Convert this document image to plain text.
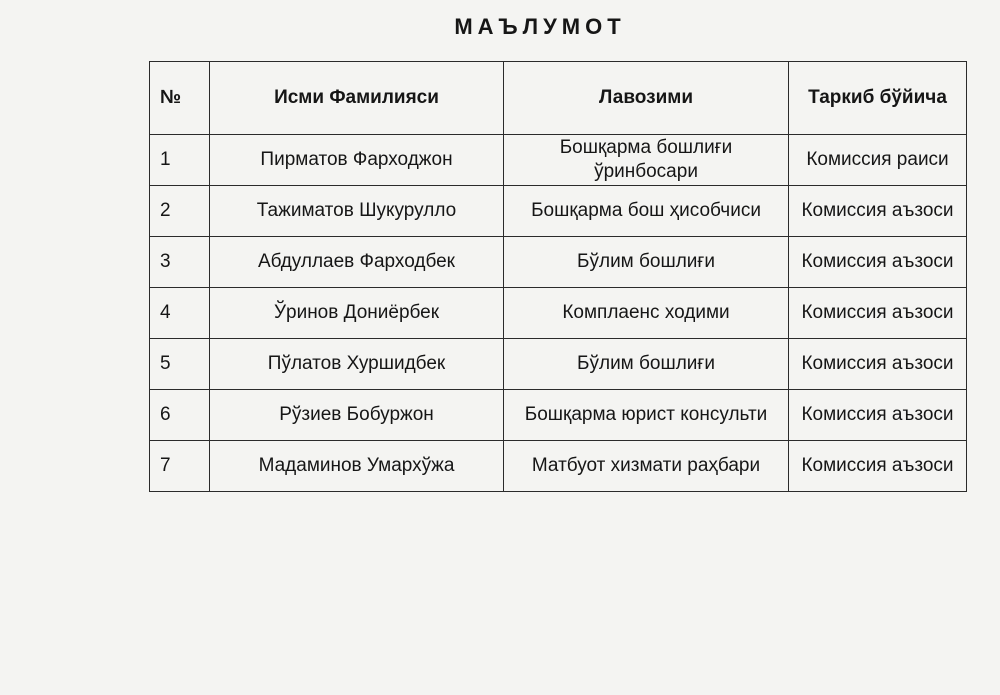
МАЪЛУМОТ
№	Исми Фамилияси	Лавозими	Таркиб бўйича
1	Пирматов Фарходжон	Бошқарма бошлиғи ўринбосари	Комиссия раиси
2	Тажиматов Шукурулло	Бошқарма бош ҳисобчиси	Комиссия аъзоси
3	Абдуллаев Фарходбек	Бўлим бошлиғи	Комиссия аъзоси
4	Ўринов Дониёрбек	Комплаенс ходими	Комиссия аъзоси
5	Пўлатов Хуршидбек	Бўлим бошлиғи	Комиссия аъзоси
6	Рўзиев Бобуржон	Бошқарма юрист консульти	Комиссия аъзоси
7	Мадаминов Умархўжа	Матбуот хизмати раҳбари	Комиссия аъзоси
